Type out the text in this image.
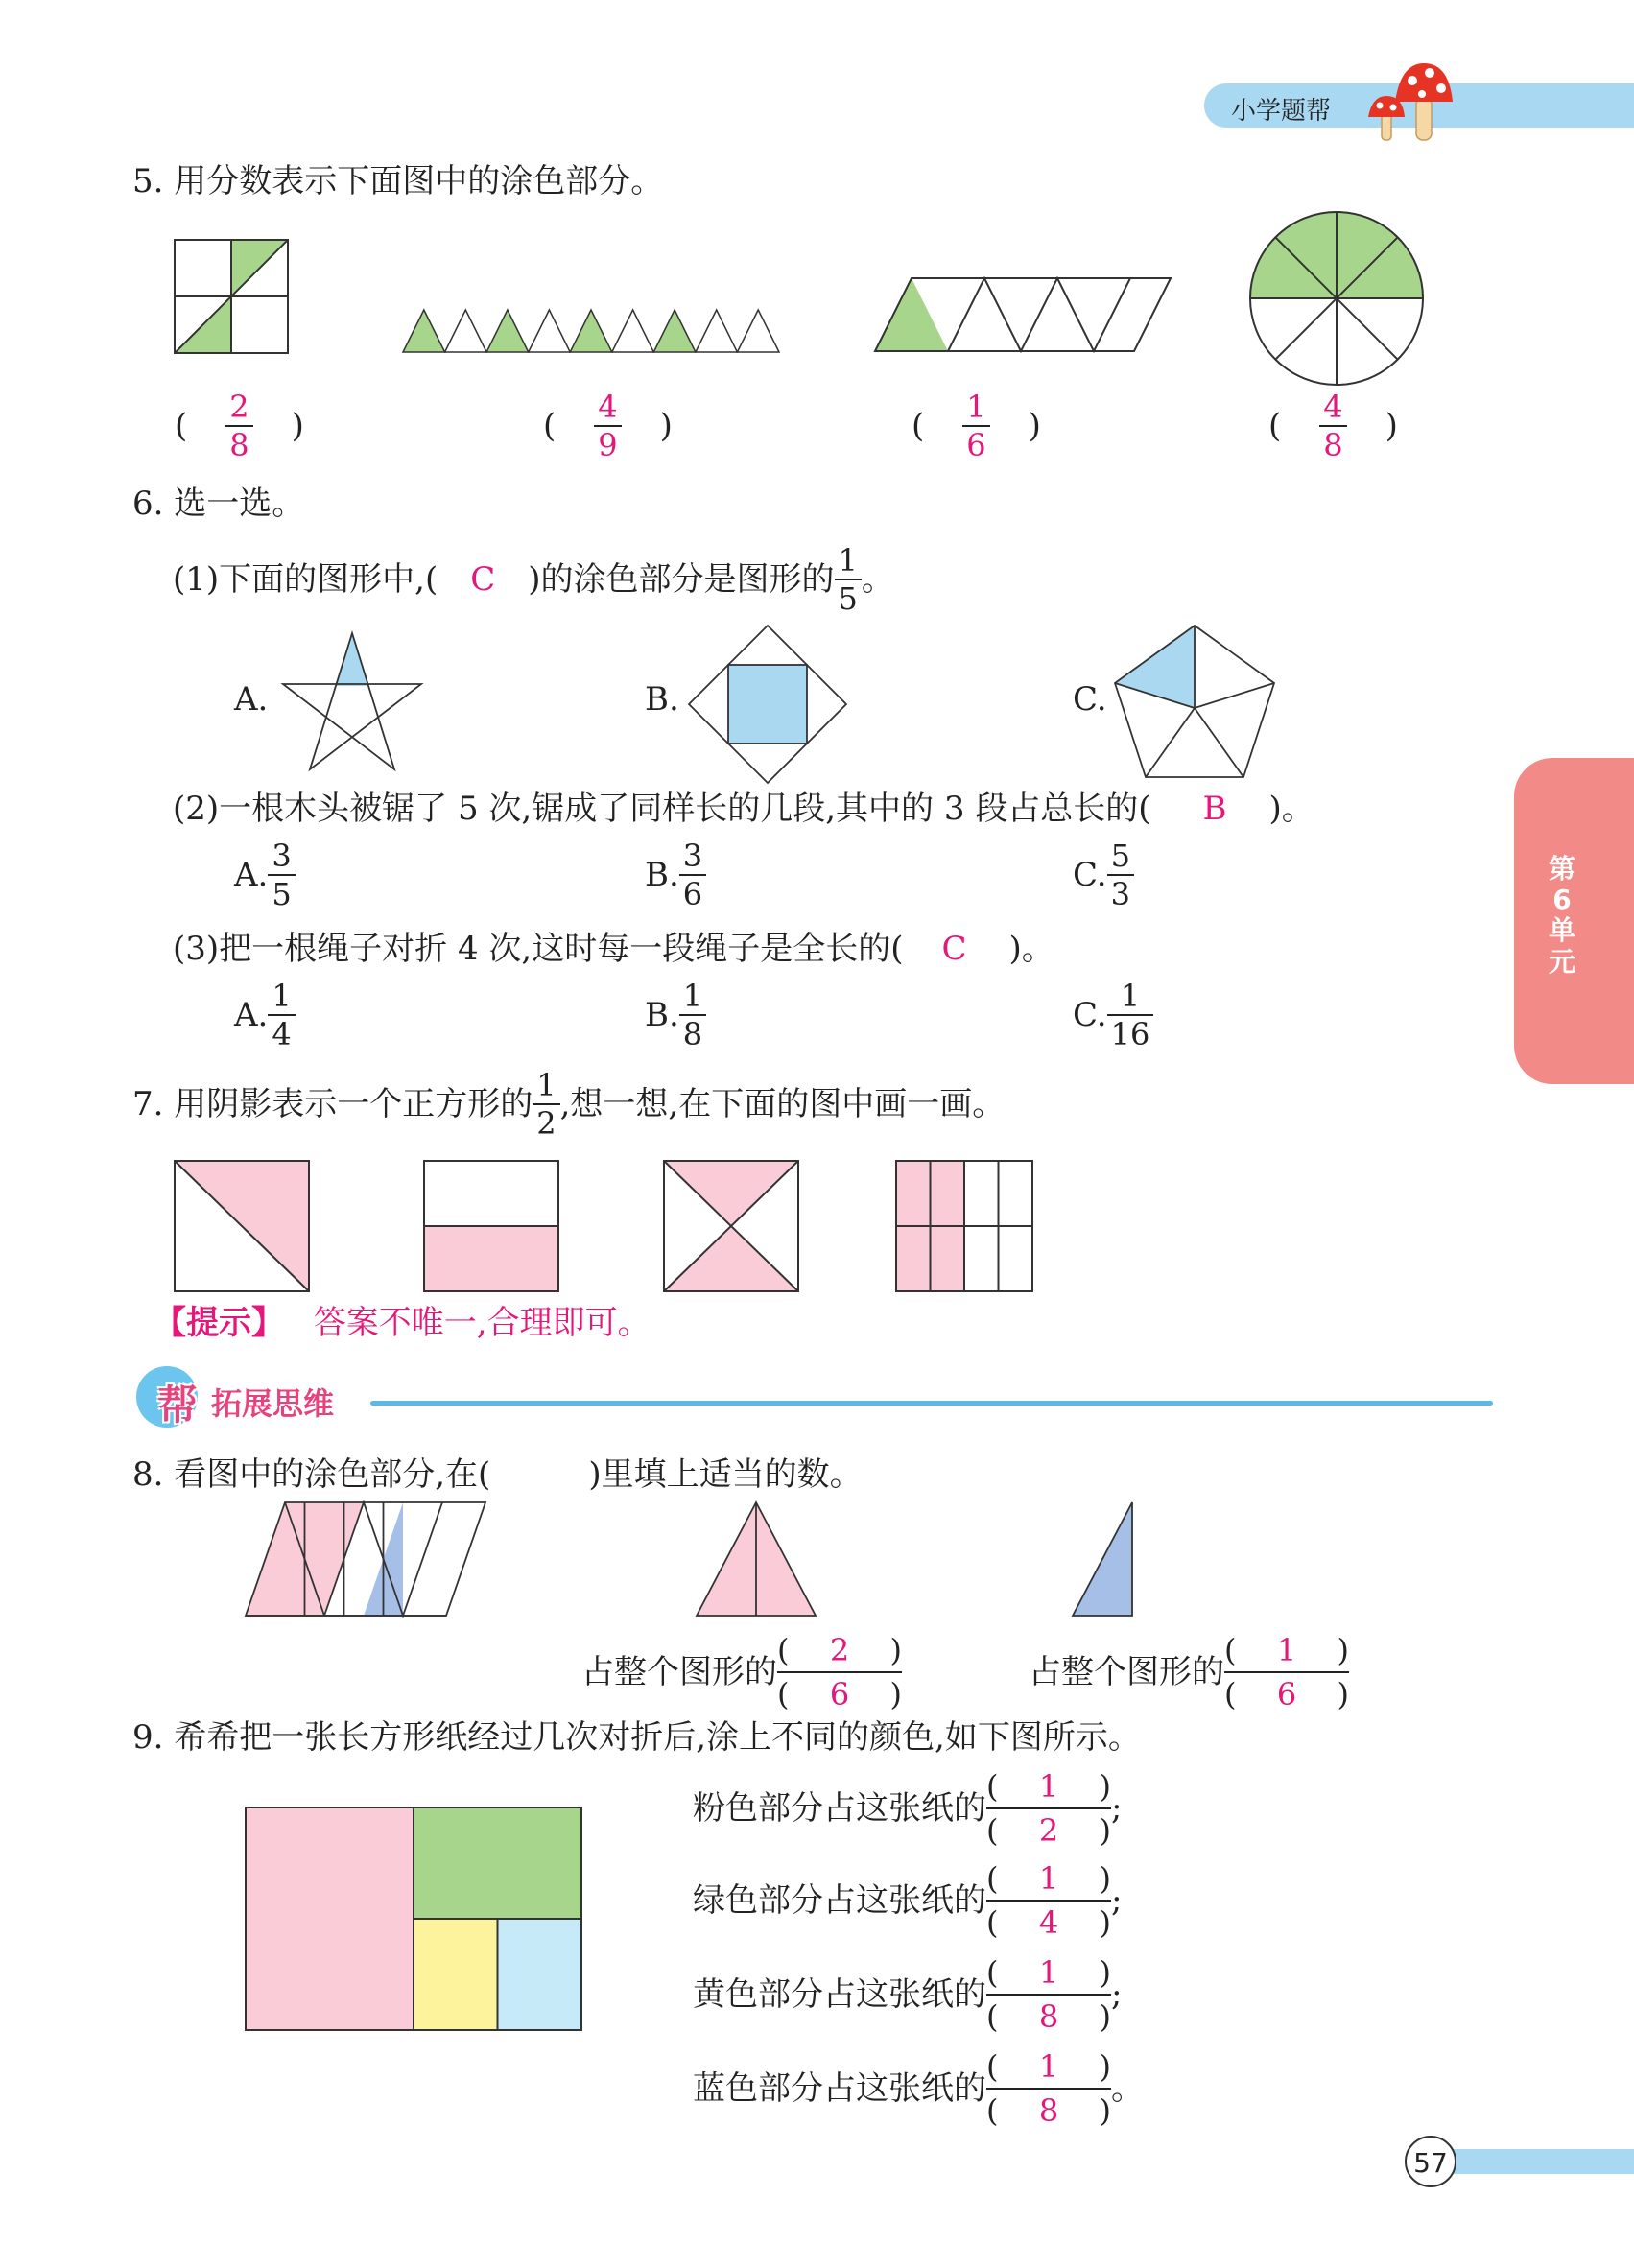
小学题帮
第
6
单
元
5. 用分数表示下面图中的涂色部分。
( $\frac{2}{8}$ )	( $\frac{4}{9}$ )	( $\frac{1}{6}$ )	( $\frac{4}{8}$ )
6. 选一选。
(1)下面的图形中,( C )的涂色部分是图形的 $\frac{1}{5}$ 。
A.	B.	C.
(2)一根木头被锯了 5 次,锯成了同样长的几段,其中的 3 段占总长的( B )。
A. $\frac{3}{5}$	B. $\frac{3}{6}$	C. $\frac{5}{3}$
(3)把一根绳子对折 4 次,这时每一段绳子是全长的( C )。
A. $\frac{1}{4}$	B. $\frac{1}{8}$	C. $\frac{1}{16}$
7. 用阴影表示一个正方形的 $\frac{1}{2}$ ,想一想,在下面的图中画一画。
【提示】 答案不唯一,合理即可。
帮 拓展思维
8. 看图中的涂色部分,在(　　　)里填上适当的数。
占整个图形的
(	2	)
(	6	)
占整个图形的
(	1	)
(	6	)
9. 希希把一张长方形纸经过几次对折后,涂上不同的颜色,如下图所示。
粉色部分占这张纸的
(	1	)
(	2	)
;
绿色部分占这张纸的
(	1	)
(	4	)
;
黄色部分占这张纸的
(	1	)
(	8	)
;
蓝色部分占这张纸的
(	1	)
(	8	)
。
57
